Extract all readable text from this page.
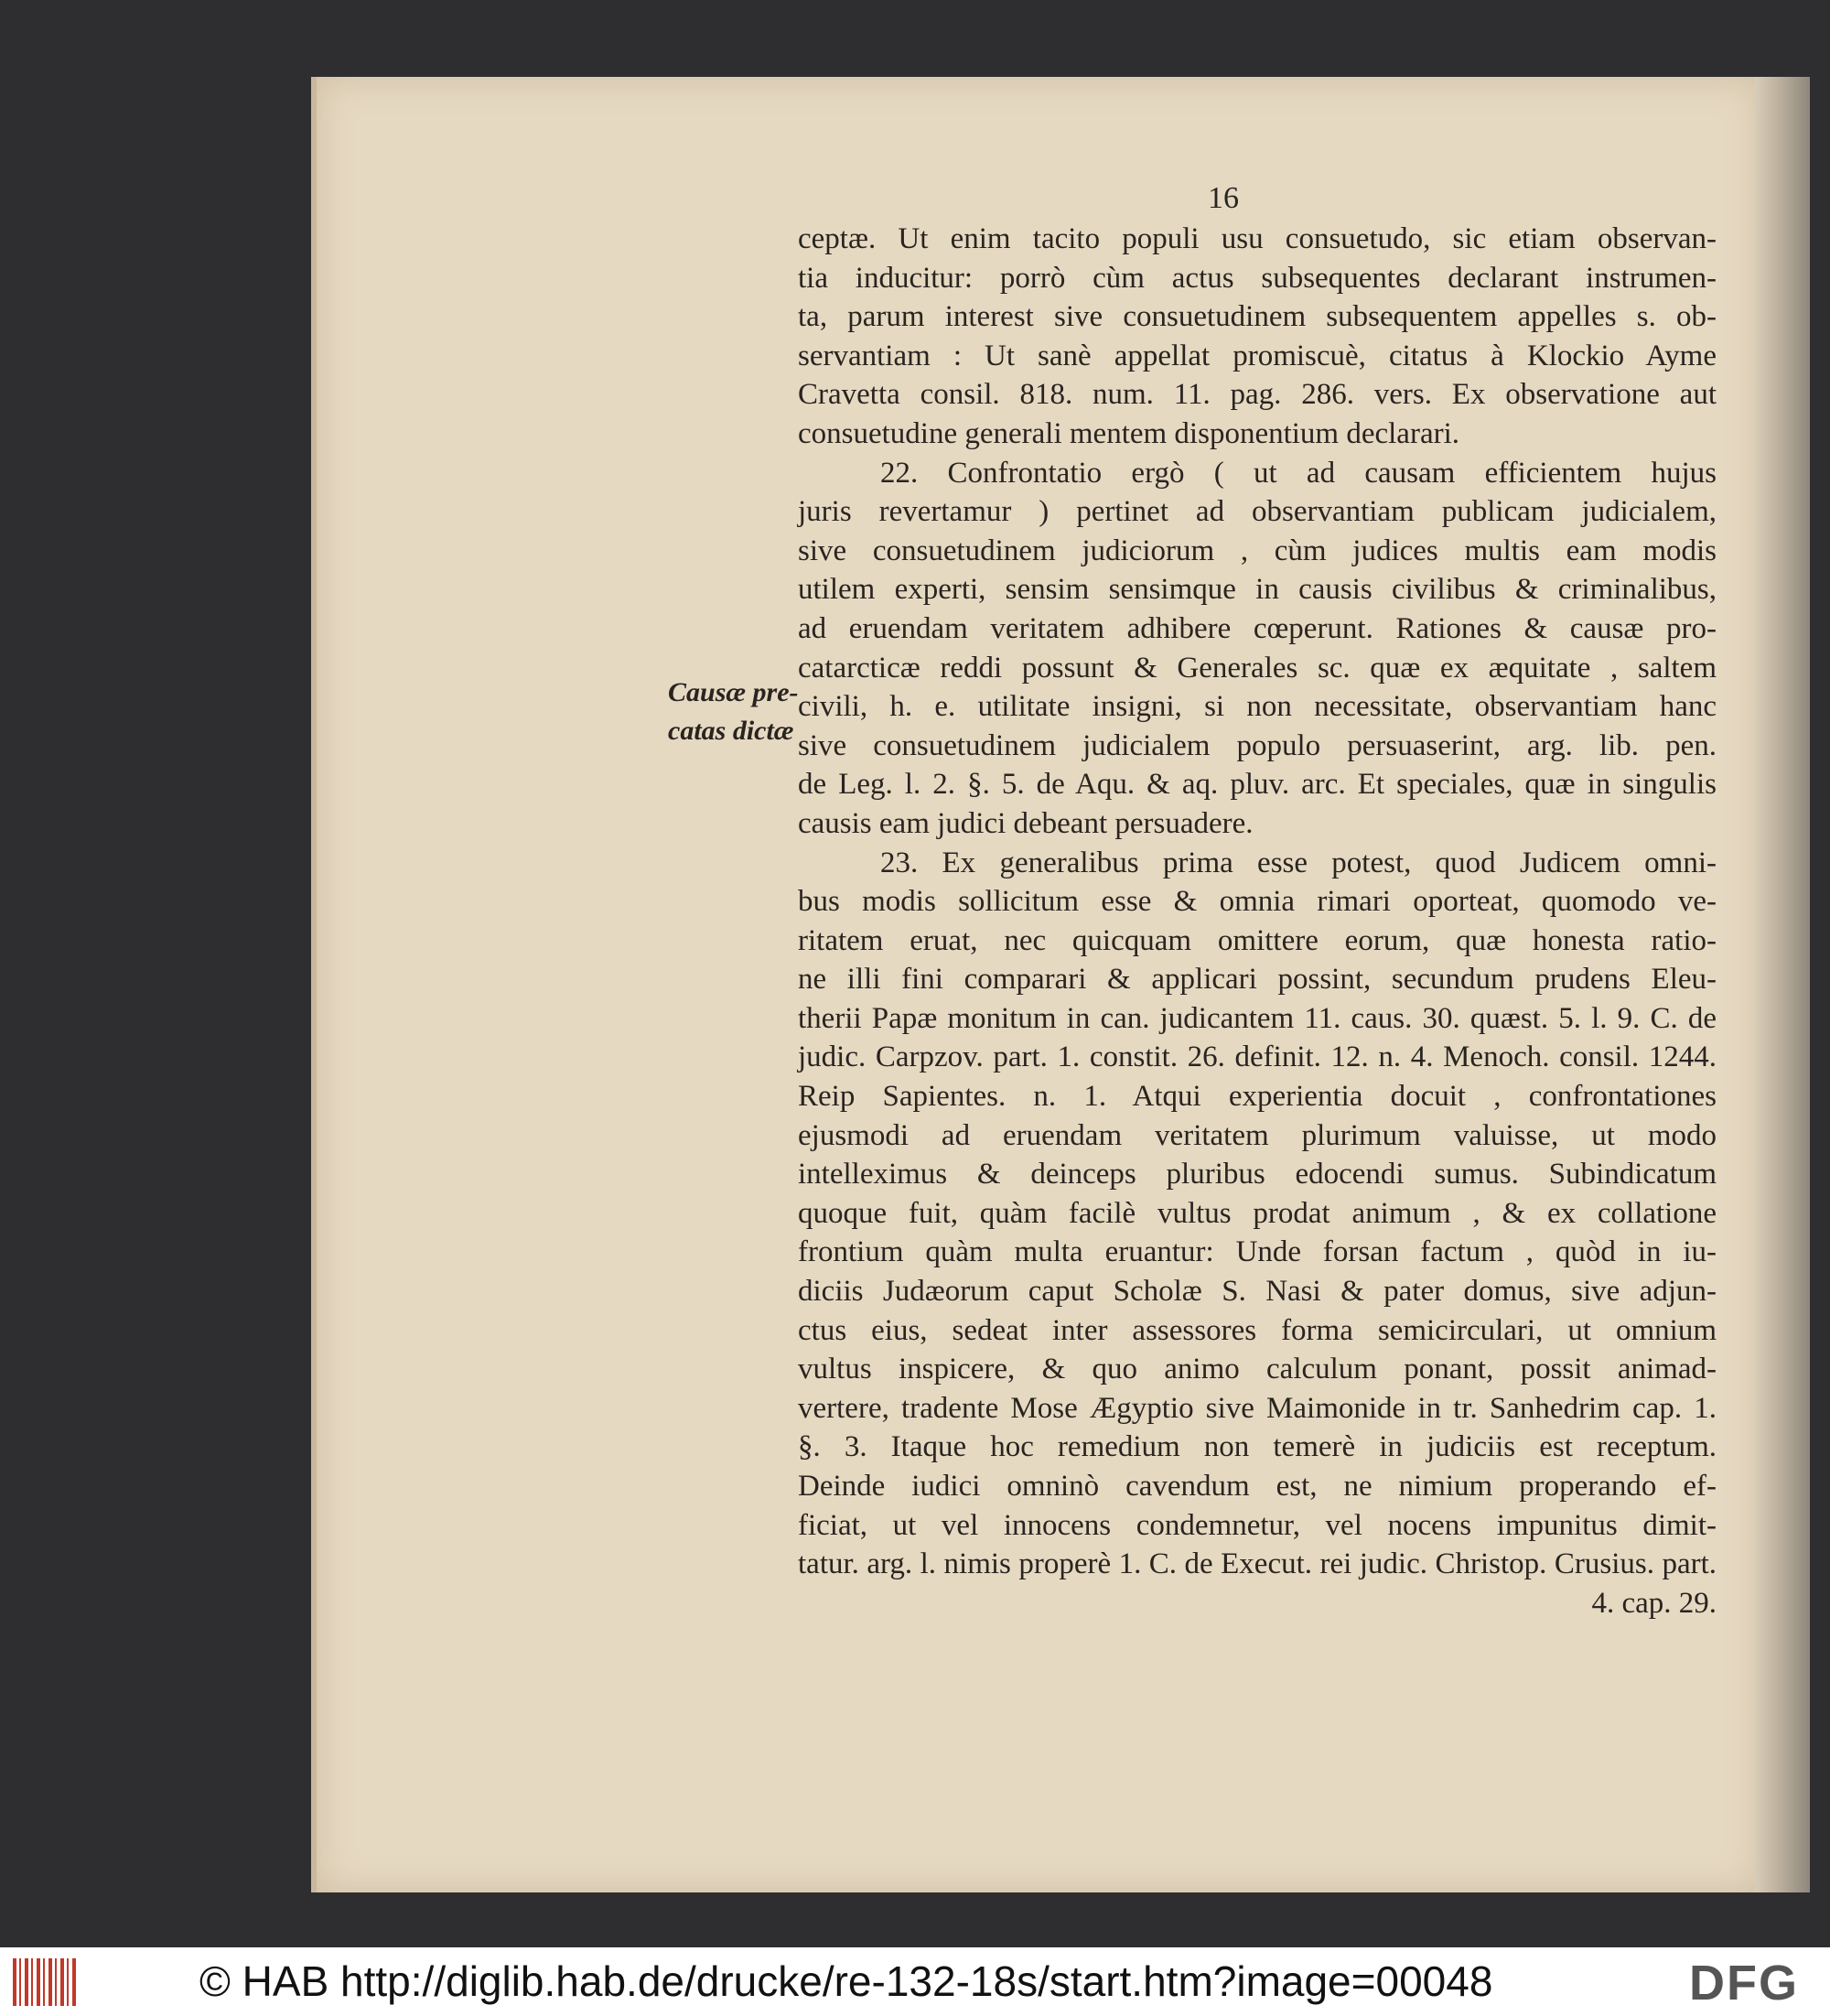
16
Causæ pre-
catas dictæ
ceptæ. Ut enim tacito populi usu consuetudo, sic etiam observan-
tia inducitur: porrò cùm actus subsequentes declarant instrumen-
ta, parum interest sive consuetudinem subsequentem appelles s. ob-
servantiam : Ut sanè appellat promiscuè, citatus à Klockio Ayme
Cravetta consil. 818. num. 11. pag. 286. vers. Ex observatione aut
consuetudine generali mentem disponentium declarari.
22. Confrontatio ergò ( ut ad causam efficientem hujus
juris revertamur ) pertinet ad observantiam publicam judicialem,
sive consuetudinem judiciorum , cùm judices multis eam modis
utilem experti, sensim sensimque in causis civilibus & criminalibus,
ad eruendam veritatem adhibere cœperunt. Rationes & causæ pro-
catarcticæ reddi possunt & Generales sc. quæ ex æquitate , saltem
civili, h. e. utilitate insigni, si non necessitate, observantiam hanc
sive consuetudinem judicialem populo persuaserint, arg. lib. pen.
de Leg. l. 2. §. 5. de Aqu. & aq. pluv. arc. Et speciales, quæ in singulis
causis eam judici debeant persuadere.
23. Ex generalibus prima esse potest, quod Judicem omni-
bus modis sollicitum esse & omnia rimari oporteat, quomodo ve-
ritatem eruat, nec quicquam omittere eorum, quæ honesta ratio-
ne illi fini comparari & applicari possint, secundum prudens Eleu-
therii Papæ monitum in can. judicantem 11. caus. 30. quæst. 5. l. 9. C. de
judic. Carpzov. part. 1. constit. 26. definit. 12. n. 4. Menoch. consil. 1244.
Reip Sapientes. n. 1. Atqui experientia docuit , confrontationes
ejusmodi ad eruendam veritatem plurimum valuisse, ut modo
intelleximus & deinceps pluribus edocendi sumus. Subindicatum
quoque fuit, quàm facilè vultus prodat animum , & ex collatione
frontium quàm multa eruantur: Unde forsan factum , quòd in iu-
diciis Judæorum caput Scholæ S. Nasi & pater domus, sive adjun-
ctus eius, sedeat inter assessores forma semicirculari, ut omnium
vultus inspicere, & quo animo calculum ponant, possit animad-
vertere, tradente Mose Ægyptio sive Maimonide in tr. Sanhedrim cap. 1.
§. 3. Itaque hoc remedium non temerè in judiciis est receptum.
Deinde iudici omninò cavendum est, ne nimium properando ef-
ficiat, ut vel innocens condemnetur, vel nocens impunitus dimit-
tatur. arg. l. nimis properè 1. C. de Execut. rei judic. Christop. Crusius. part.
4. cap. 29.
© HAB http://diglib.hab.de/drucke/re-132-18s/start.htm?image=00048	DFG
